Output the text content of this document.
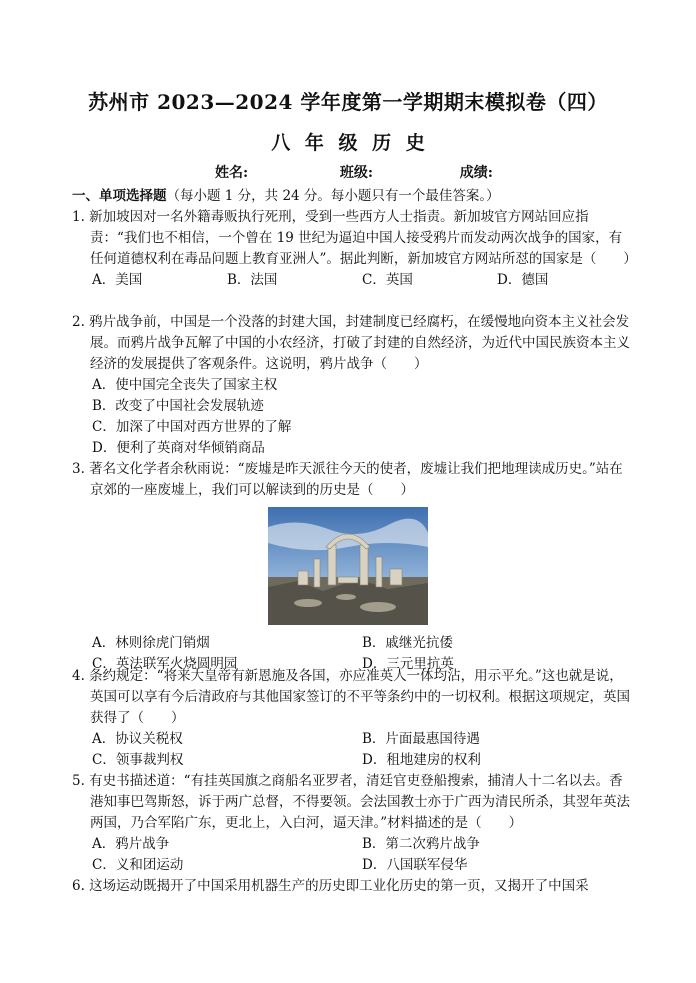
苏州市 2023—2024 学年度第一学期期末模拟卷（四）
八 年 级 历 史
姓名:	班级:	成绩:
一、单项选择题（每小题 1 分，共 24 分。每小题只有一个最佳答案。）
1. 新加坡因对一名外籍毒贩执行死刑，受到一些西方人士指责。新加坡官方网站回应指责：“我们也不相信，一个曾在 19 世纪为逼迫中国人接受鸦片而发动两次战争的国家，有任何道德权利在毒品问题上教育亚洲人”。据此判断，新加坡官方网站所怼的国家是（　　）
A．美国	B．法国	C．英国	D．德国
2. 鸦片战争前，中国是一个没落的封建大国，封建制度已经腐朽，在缓慢地向资本主义社会发展。而鸦片战争瓦解了中国的小农经济，打破了封建的自然经济，为近代中国民族资本主义经济的发展提供了客观条件。这说明，鸦片战争（　　）
A．使中国完全丧失了国家主权
B．改变了中国社会发展轨迹
C．加深了中国对西方世界的了解
D．便利了英商对华倾销商品
3. 著名文化学者余秋雨说：“废墟是昨天派往今天的使者，废墟让我们把地理读成历史。”站在京郊的一座废墟上，我们可以解读到的历史是（　　）
A．林则徐虎门销烟	B．戚继光抗倭
C．英法联军火烧圆明园	D．三元里抗英
4. 条约规定：“将来大皇帝有新恩施及各国，亦应准英人一体均沾，用示平允。”这也就是说，英国可以享有今后清政府与其他国家签订的不平等条约中的一切权利。根据这项规定，英国获得了（　　）
A．协议关税权	B．片面最惠国待遇
C．领事裁判权	D．租地建房的权利
5. 有史书描述道：“有挂英国旗之商船名亚罗者，清廷官吏登船搜索，捕清人十二名以去。香港知事巴驾斯怒，诉于两广总督，不得要领。会法国教士亦于广西为清民所杀，其翌年英法两国，乃合军陷广东，更北上，入白河，逼天津。”材料描述的是（　　）
A．鸦片战争	B．第二次鸦片战争
C．义和团运动	D．八国联军侵华
6. 这场运动既揭开了中国采用机器生产的历史即工业化历史的第一页，又揭开了中国采
